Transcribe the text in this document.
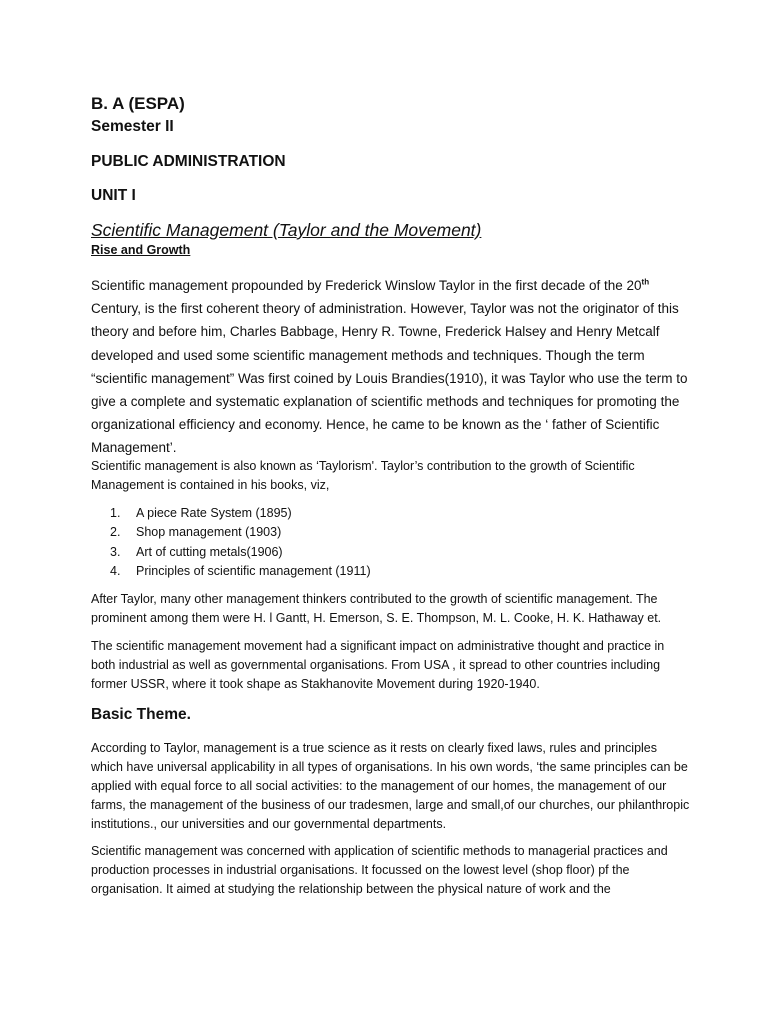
B. A (ESPA)
Semester II
PUBLIC ADMINISTRATION
UNIT I
Scientific Management (Taylor and the Movement)
Rise and Growth

Scientific management propounded by Frederick Winslow Taylor in the first decade of the 20th Century, is the first coherent theory of administration. However, Taylor was not the originator of this theory and before him, Charles Babbage, Henry R. Towne, Frederick Halsey and Henry Metcalf developed and used some scientific management methods and techniques. Though the term “scientific management” Was first coined by Louis Brandies(1910), it was Taylor who use the term to give a complete and systematic explanation of scientific methods and techniques for promoting the organizational efficiency and economy. Hence, he came to be known as the ‘ father of Scientific Management’.

Scientific management is also known as ‘Taylorism'. Taylor’s contribution to the growth of Scientific Management is contained in his books, viz,

1. A piece Rate System (1895)
2. Shop management (1903)
3. Art of cutting metals(1906)
4. Principles of scientific management (1911)

After Taylor, many other management thinkers contributed to the growth of scientific management. The prominent among them were H. l Gantt, H. Emerson, S. E. Thompson, M. L. Cooke, H. K. Hathaway et.

The scientific management movement had a significant impact on administrative thought and practice in both industrial as well as governmental organisations. From USA , it spread to other countries including former USSR, where it took shape as Stakhanovite Movement during 1920-1940.

Basic Theme.

According to Taylor, management is a true science as it rests on clearly fixed laws, rules and principles which have universal applicability in all types of organisations. In his own words, ‘the same principles can be applied with equal force to all social activities: to the management of our homes, the management of our farms, the management of the business of our tradesmen, large and small,of our churches, our philanthropic institutions., our universities and our governmental departments.

Scientific management was concerned with application of scientific methods to managerial practices and production processes in industrial organisations. It focussed on the lowest level (shop floor) pf the organisation. It aimed at studying the relationship between the physical nature of work and the
